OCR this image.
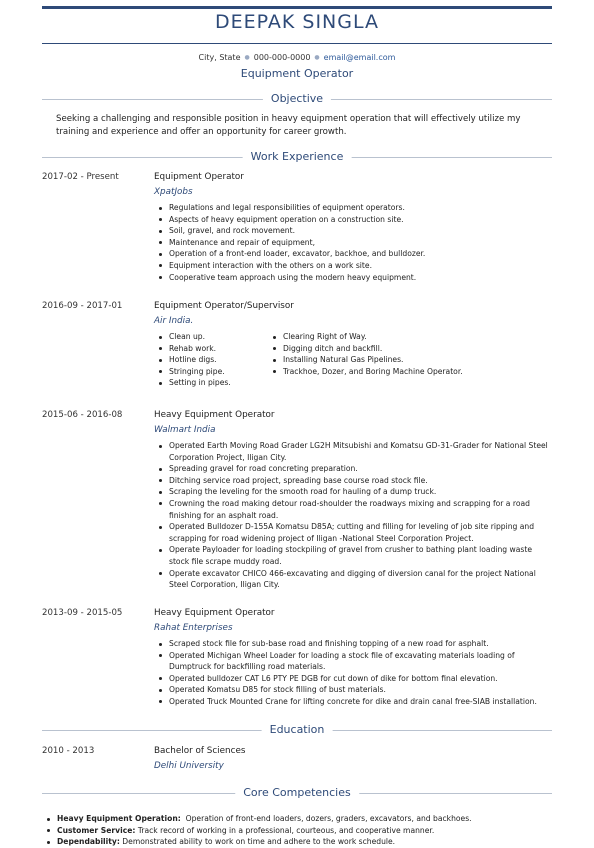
DEEPAK SINGLA
City, State ● 000-000-0000 ● email@email.com
Equipment Operator
Objective
Seeking a challenging and responsible position in heavy equipment operation that will effectively utilize my training and experience and offer an opportunity for career growth.
Work Experience
2017-02 - Present	Equipment Operator
XpatJobs
Regulations and legal responsibilities of equipment operators.
Aspects of heavy equipment operation on a construction site.
Soil, gravel, and rock movement.
Maintenance and repair of equipment,
Operation of a front-end loader, excavator, backhoe, and bulldozer.
Equipment interaction with the others on a work site.
Cooperative team approach using the modern heavy equipment.
2016-09 - 2017-01	Equipment Operator/Supervisor
Air India.
Clean up.
Rehab work.
Hotline digs.
Stringing pipe.
Setting in pipes.
Clearing Right of Way.
Digging ditch and backfill.
Installing Natural Gas Pipelines.
Trackhoe, Dozer, and Boring Machine Operator.
2015-06 - 2016-08	Heavy Equipment Operator
Walmart India
Operated Earth Moving Road Grader LG2H Mitsubishi and Komatsu GD-31-Grader for National Steel Corporation Project, Iligan City.
Spreading gravel for road concreting preparation.
Ditching service road project, spreading base course road stock file.
Scraping the leveling for the smooth road for hauling of a dump truck.
Crowning the road making detour road-shoulder the roadways mixing and scrapping for a road finishing for an asphalt road.
Operated Bulldozer D-155A Komatsu D85A; cutting and filling for leveling of job site ripping and scrapping for road widening project of Iligan -National Steel Corporation Project.
Operate Payloader for loading stockpiling of gravel from crusher to bathing plant loading waste stock file scrape muddy road.
Operate excavator CHICO 466-excavating and digging of diversion canal for the project National Steel Corporation, Iligan City.
2013-09 - 2015-05	Heavy Equipment Operator
Rahat Enterprises
Scraped stock file for sub-base road and finishing topping of a new road for asphalt.
Operated Michigan Wheel Loader for loading a stock file of excavating materials loading of Dumptruck for backfilling road materials.
Operated bulldozer CAT L6 PTY PE DGB for cut down of dike for bottom final elevation.
Operated Komatsu D85 for stock filling of bust materials.
Operated Truck Mounted Crane for lifting concrete for dike and drain canal free-SIAB installation.
Education
2010 - 2013	Bachelor of Sciences
Delhi University
Core Competencies
Heavy Equipment Operation: Operation of front-end loaders, dozers, graders, excavators, and backhoes.
Customer Service: Track record of working in a professional, courteous, and cooperative manner.
Dependability: Demonstrated ability to work on time and adhere to the work schedule.
